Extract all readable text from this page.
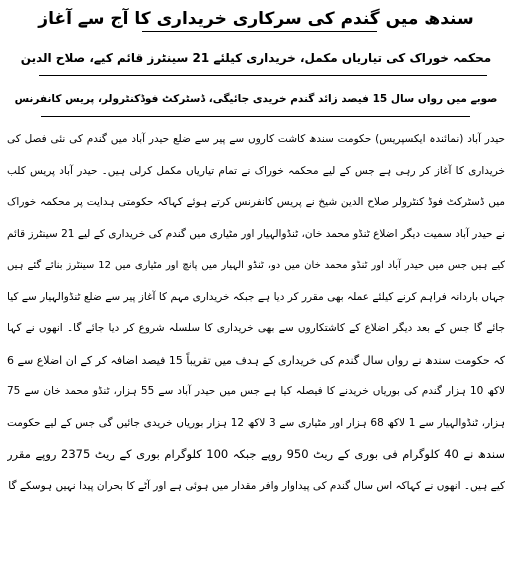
سندھ میں گندم کی سرکاری خریداری کا آج سے آغاز
محکمہ خوراک کی تیاریاں مکمل، خریداری کیلئے 21 سینٹرز قائم کیے، صلاح الدین
صوبے میں رواں سال 15 فیصد زائد گندم خریدی جائیگی، ڈسٹرکٹ فوڈکنٹرولر، پریس کانفرنس
حیدر آباد (نمائندہ ایکسپریس) حکومت سندھ کاشت کاروں سے پیر سے ضلع حیدر آباد میں گندم کی نئی فصل کی
خریداری کا آغاز کر رہی ہے جس کے لیے محکمہ خوراک نے تمام تیاریاں مکمل کرلی ہیں۔ حیدر آباد پریس کلب
میں ڈسٹرکٹ فوڈ کنٹرولر صلاح الدین شیخ نے پریس کانفرنس کرتے ہوئے کہاکہ حکومتی ہدایت پر محکمہ خوراک
نے حیدر آباد سمیت دیگر اضلاع ٹنڈو محمد خان، ٹنڈوالہیار اور مٹیاری میں گندم کی خریداری کے لیے 21 سینٹرز قائم
کیے ہیں جس میں حیدر آباد اور ٹنڈو محمد خان میں دو، ٹنڈو الہیار میں پانچ اور مٹیاری میں 12 سینٹرز بنائے گئے ہیں
جہاں باردانہ فراہم کرنے کیلئے عملہ بھی مقرر کر دیا ہے جبکہ خریداری مہم کا آغاز پیر سے ضلع ٹنڈوالہیار سے کیا
جائے گا جس کے بعد دیگر اضلاع کے کاشتکاروں سے بھی خریداری کا سلسلہ شروع کر دیا جائے گا۔ انھوں نے کہا
کہ حکومت سندھ نے رواں سال گندم کی خریداری کے ہدف میں تقریباً 15 فیصد اضافہ کر کے ان اضلاع سے 6
لاکھ 10 ہزار گندم کی بوریاں خریدنے کا فیصلہ کیا ہے جس میں حیدر آباد سے 55 ہزار، ٹنڈو محمد خان سے 75
ہزار، ٹنڈوالہیار سے 1 لاکھ 68 ہزار اور مٹیاری سے 3 لاکھ 12 ہزار بوریاں خریدی جائیں گی جس کے لیے حکومت
سندھ نے 40 کلوگرام فی بوری کے ریٹ 950 روپے جبکہ 100 کلوگرام بوری کے ریٹ 2375 روپے مقرر
کیے ہیں۔ انھوں نے کہاکہ اس سال گندم کی پیداوار وافر مقدار میں ہوئی ہے اور آٹے کا بحران پیدا نہیں ہوسکے گا
